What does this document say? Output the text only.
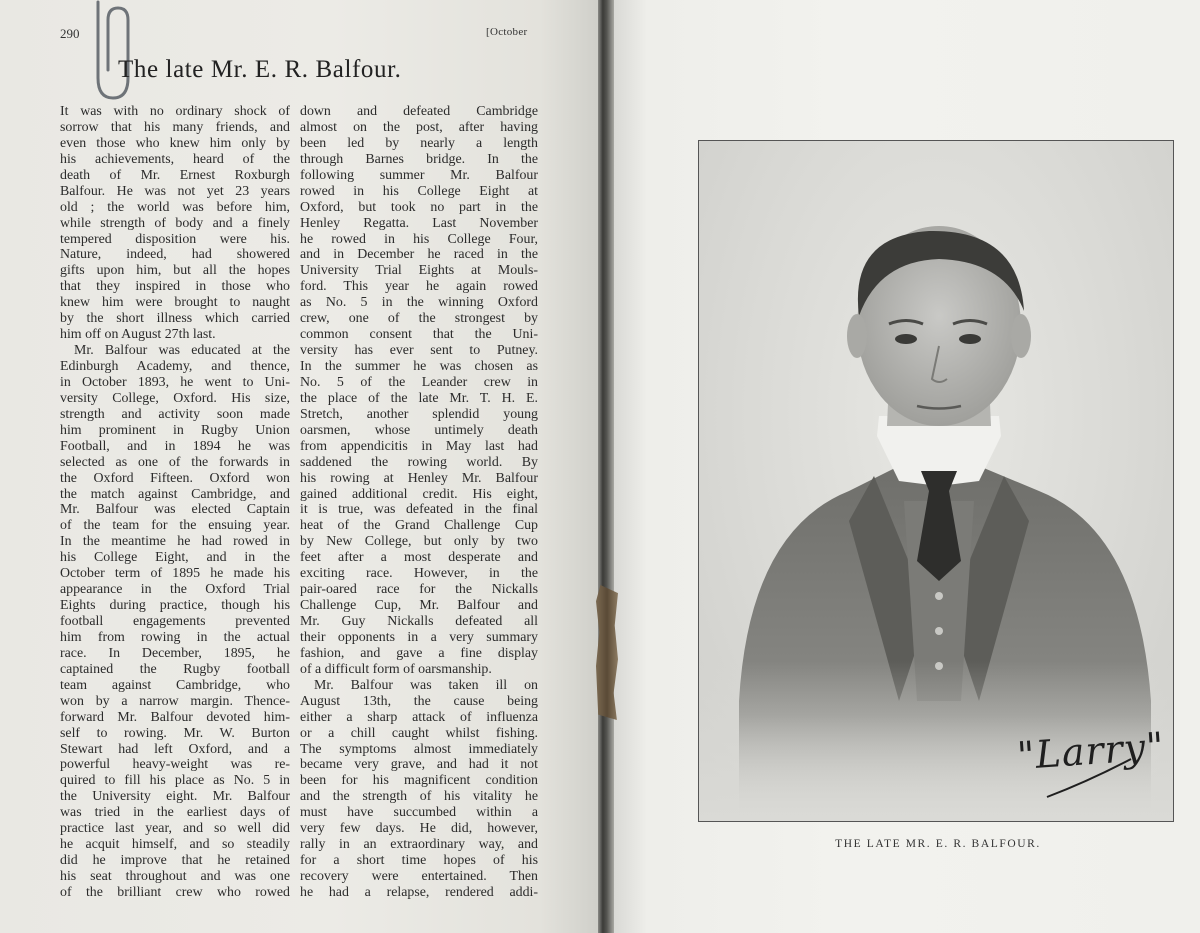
290	[October
The late Mr. E. R. Balfour.
It was with no ordinary shock of
sorrow that his many friends, and
even those who knew him only by
his achievements, heard of the
death of Mr. Ernest Roxburgh
Balfour. He was not yet 23 years
old ; the world was before him,
while strength of body and a finely
tempered disposition were his.
Nature, indeed, had showered
gifts upon him, but all the hopes
that they inspired in those who
knew him were brought to naught
by the short illness which carried
him off on August 27th last.
Mr. Balfour was educated at the
Edinburgh Academy, and thence,
in October 1893, he went to Uni-
versity College, Oxford. His size,
strength and activity soon made
him prominent in Rugby Union
Football, and in 1894 he was
selected as one of the forwards in
the Oxford Fifteen. Oxford won
the match against Cambridge, and
Mr. Balfour was elected Captain
of the team for the ensuing year.
In the meantime he had rowed in
his College Eight, and in the
October term of 1895 he made his
appearance in the Oxford Trial
Eights during practice, though his
football engagements prevented
him from rowing in the actual
race. In December, 1895, he
captained the Rugby football
team against Cambridge, who
won by a narrow margin. Thence-
forward Mr. Balfour devoted him-
self to rowing. Mr. W. Burton
Stewart had left Oxford, and a
powerful heavy-weight was re-
quired to fill his place as No. 5 in
the University eight. Mr. Balfour
was tried in the earliest days of
practice last year, and so well did
he acquit himself, and so steadily
did he improve that he retained
his seat throughout and was one
of the brilliant crew who rowed
down and defeated Cambridge
almost on the post, after having
been led by nearly a length
through Barnes bridge. In the
following summer Mr. Balfour
rowed in his College Eight at
Oxford, but took no part in the
Henley Regatta. Last November
he rowed in his College Four,
and in December he raced in the
University Trial Eights at Mouls-
ford. This year he again rowed
as No. 5 in the winning Oxford
crew, one of the strongest by
common consent that the Uni-
versity has ever sent to Putney.
In the summer he was chosen as
No. 5 of the Leander crew in
the place of the late Mr. T. H. E.
Stretch, another splendid young
oarsmen, whose untimely death
from appendicitis in May last had
saddened the rowing world. By
his rowing at Henley Mr. Balfour
gained additional credit. His eight,
it is true, was defeated in the final
heat of the Grand Challenge Cup
by New College, but only by two
feet after a most desperate and
exciting race. However, in the
pair-oared race for the Nickalls
Challenge Cup, Mr. Balfour and
Mr. Guy Nickalls defeated all
their opponents in a very summary
fashion, and gave a fine display
of a difficult form of oarsmanship.
Mr. Balfour was taken ill on
August 13th, the cause being
either a sharp attack of influenza
or a chill caught whilst fishing.
The symptoms almost immediately
became very grave, and had it not
been for his magnificent condition
and the strength of his vitality he
must have succumbed within a
very few days. He did, however,
rally in an extraordinary way, and
for a short time hopes of his
recovery were entertained. Then
he had a relapse, rendered addi-
"Larry"
THE LATE MR. E. R. BALFOUR.
